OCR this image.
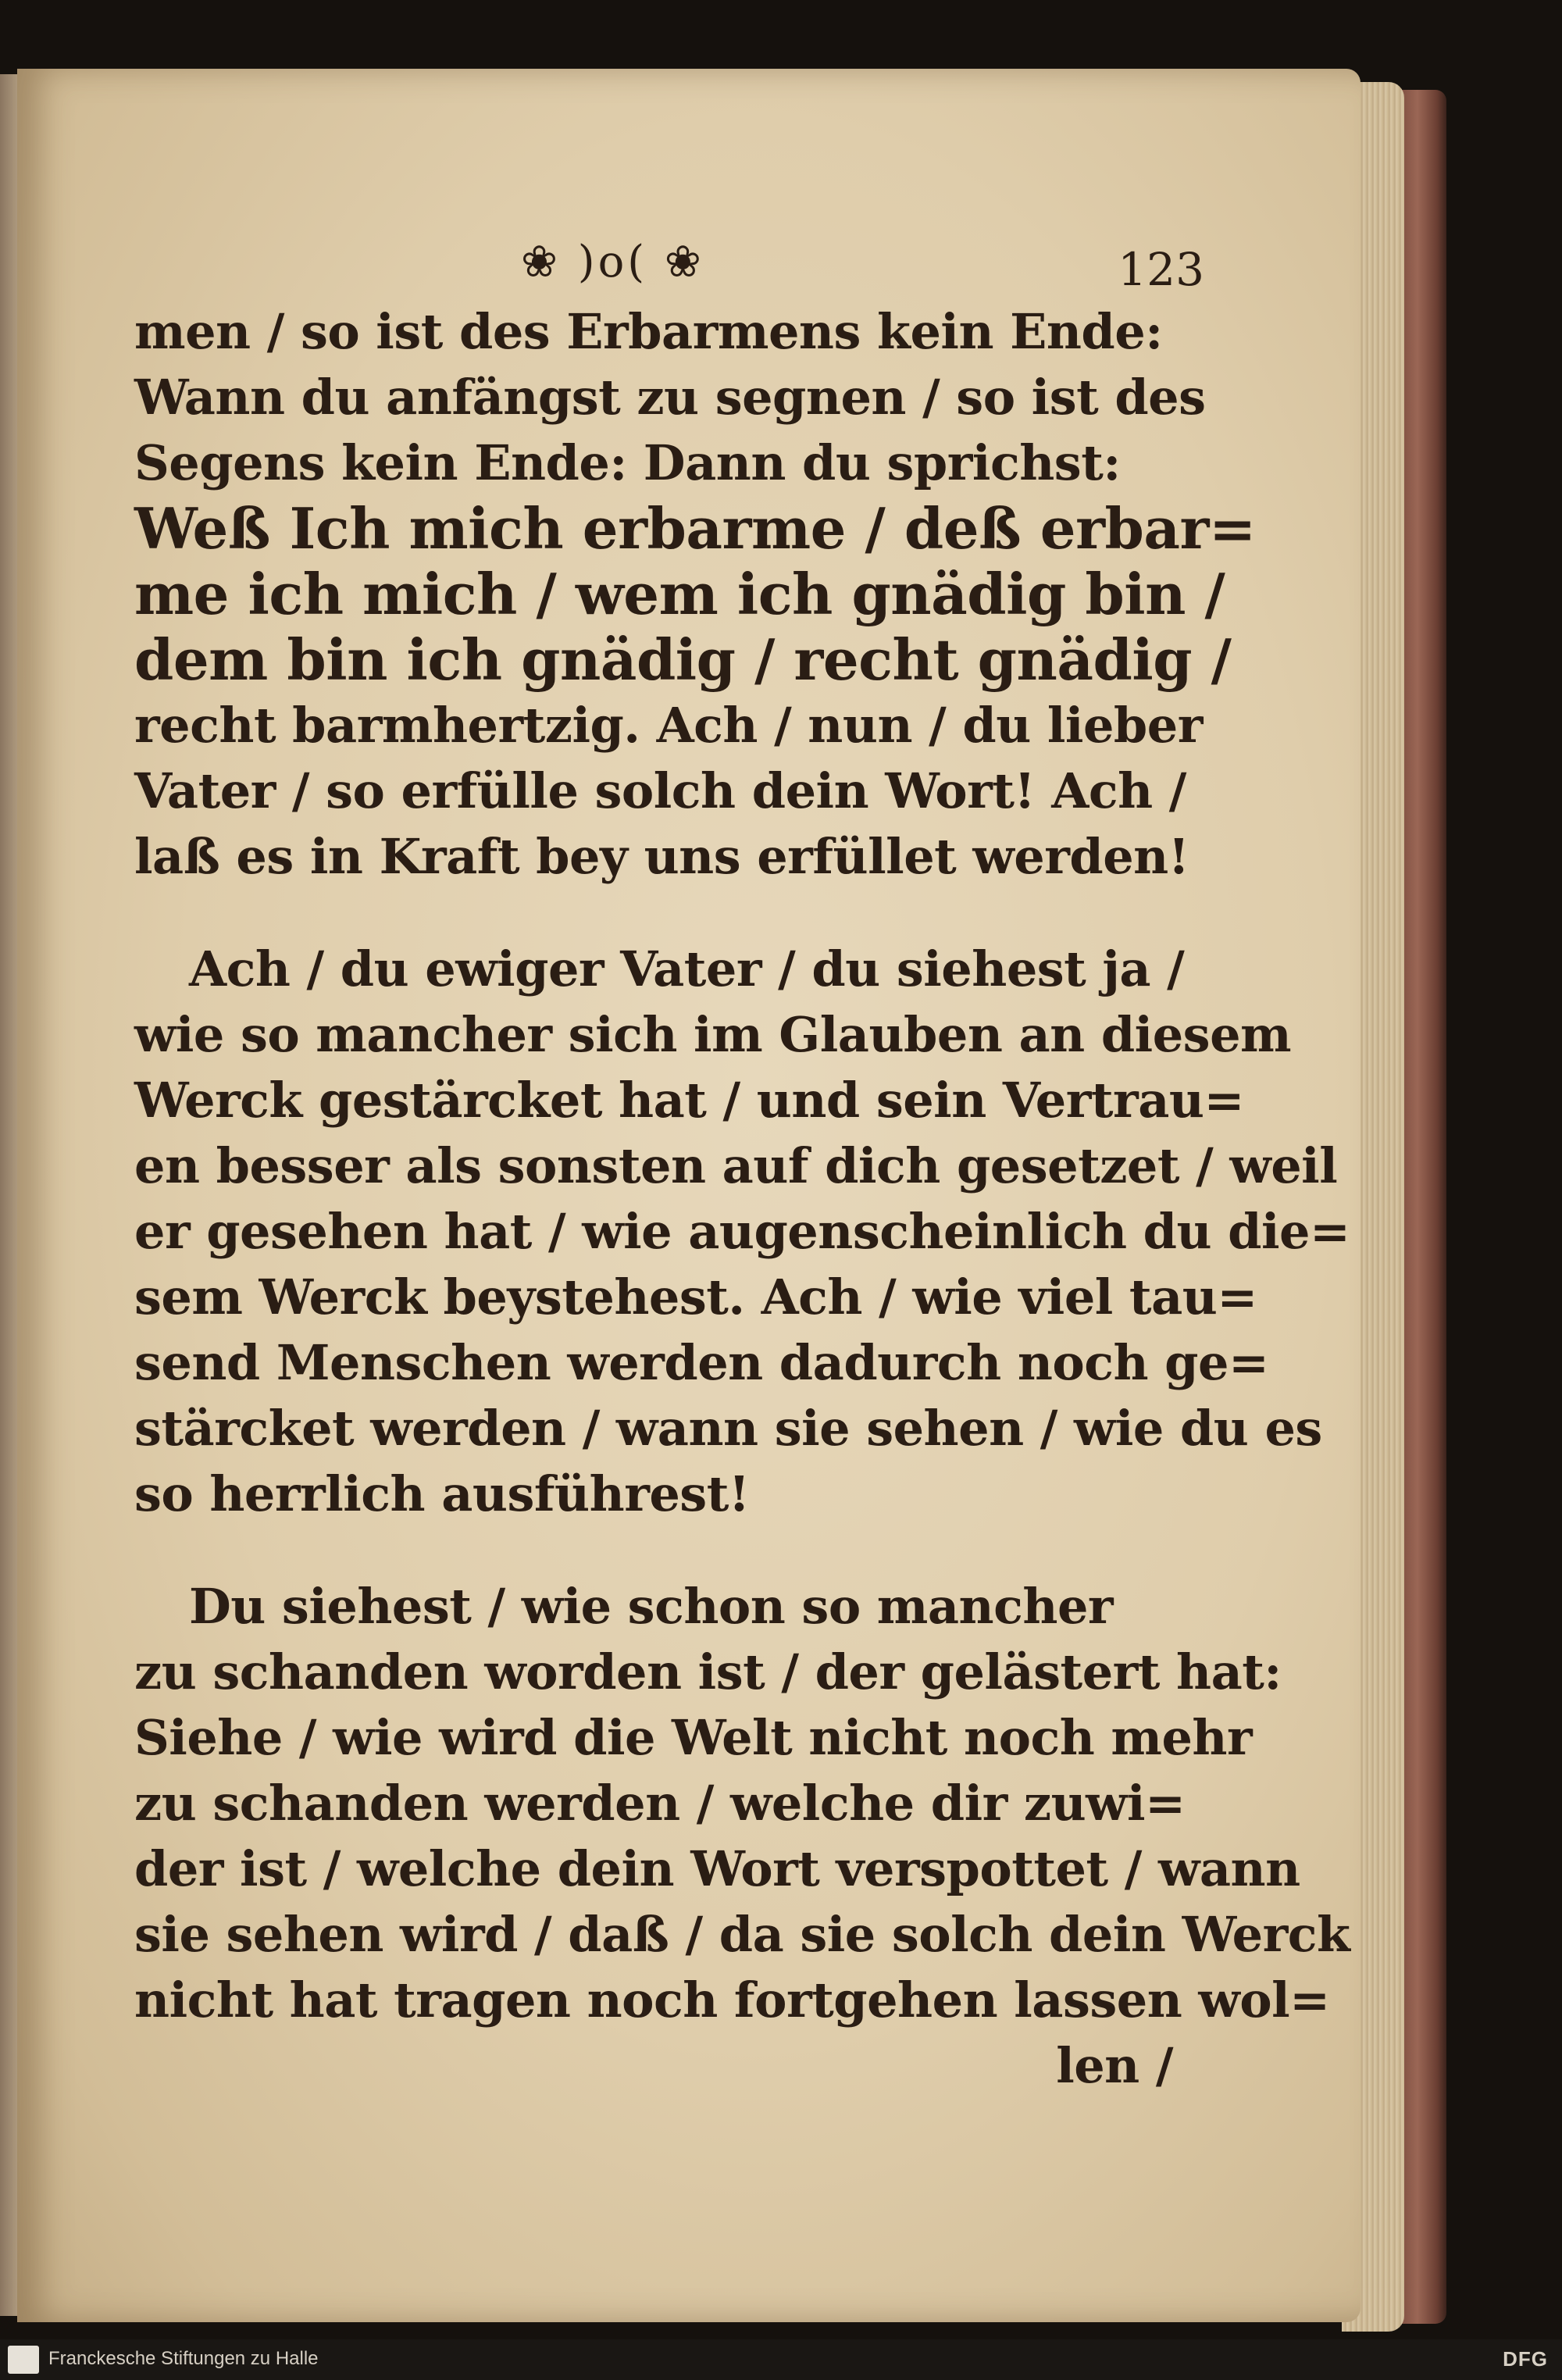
❀ )o( ❀	123
men / so ist des Erbarmens kein Ende:
Wann du anfängst zu segnen / so ist des
Segens kein Ende: Dann du sprichst:
Weß Ich mich erbarme / deß erbar=
me ich mich / wem ich gnädig bin /
dem bin ich gnädig / recht gnädig /
recht barmhertzig. Ach / nun / du lieber
Vater / so erfülle solch dein Wort! Ach /
laß es in Kraft bey uns erfüllet werden!
Ach / du ewiger Vater / du siehest ja /
wie so mancher sich im Glauben an diesem
Werck gestärcket hat / und sein Vertrau=
en besser als sonsten auf dich gesetzet / weil
er gesehen hat / wie augenscheinlich du die=
sem Werck beystehest. Ach / wie viel tau=
send Menschen werden dadurch noch ge=
stärcket werden / wann sie sehen / wie du es
so herrlich ausführest!
Du siehest / wie schon so mancher
zu schanden worden ist / der gelästert hat:
Siehe / wie wird die Welt nicht noch mehr
zu schanden werden / welche dir zuwi=
der ist / welche dein Wort verspottet / wann
sie sehen wird / daß / da sie solch dein Werck
nicht hat tragen noch fortgehen lassen wol=
len /
Franckesche Stiftungen zu Halle	DFG
